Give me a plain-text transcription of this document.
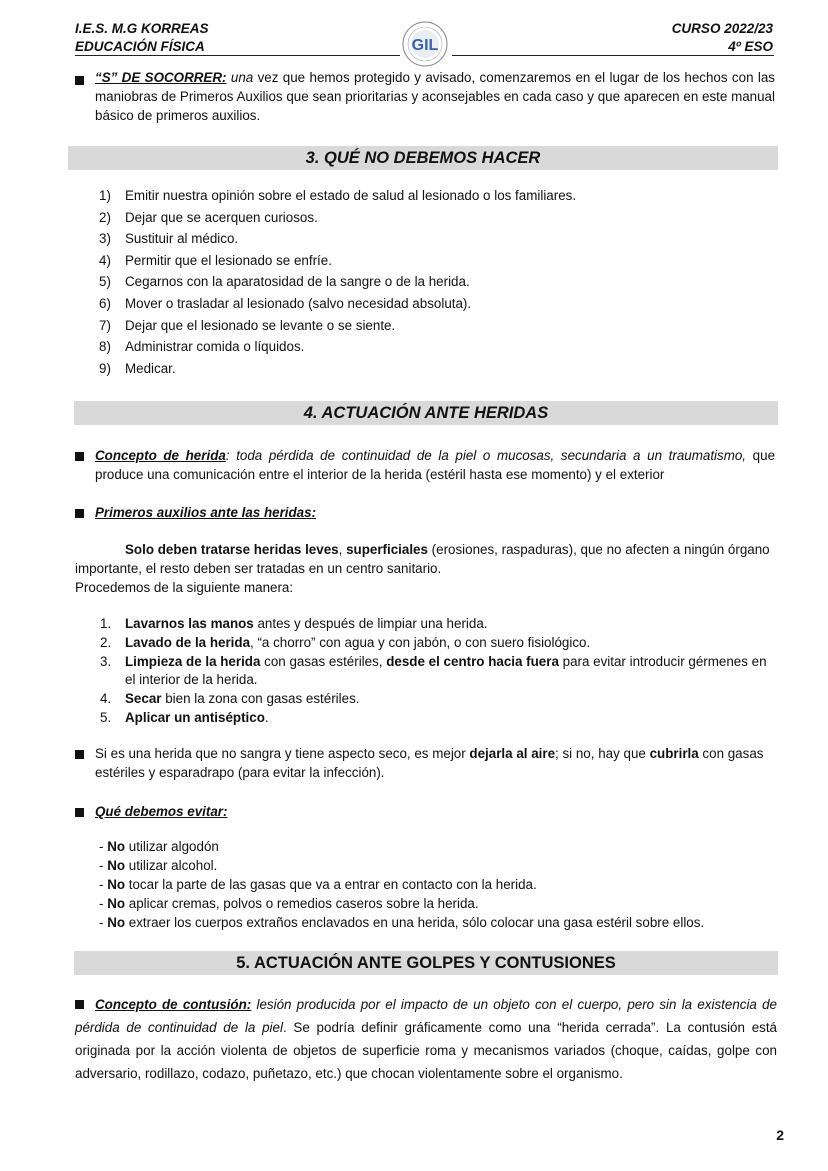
I.E.S. M.G KORREAS
EDUCACIÓN FÍSICA	GIL
CURSO 2022/23
4º ESO
“S” DE SOCORRER: una vez que hemos protegido y avisado, comenzaremos en el lugar de los hechos con las maniobras de Primeros Auxilios que sean prioritarias y aconsejables en cada caso y que aparecen en este manual básico de primeros auxilios.
3. QUÉ NO DEBEMOS HACER
1) Emitir nuestra opinión sobre el estado de salud al lesionado o los familiares.
2) Dejar que se acerquen curiosos.
3) Sustituir al médico.
4) Permitir que el lesionado se enfríe.
5) Cegarnos con la aparatosidad de la sangre o de la herida.
6) Mover o trasladar al lesionado (salvo necesidad absoluta).
7) Dejar que el lesionado se levante o se siente.
8) Administrar comida o líquidos.
9) Medicar.
4. ACTUACIÓN ANTE HERIDAS
Concepto de herida: toda pérdida de continuidad de la piel o mucosas, secundaria a un traumatismo, que produce una comunicación entre el interior de la herida (estéril hasta ese momento) y el exterior
Primeros auxilios ante las heridas:
Solo deben tratarse heridas leves, superficiales (erosiones, raspaduras), que no afecten a ningún órgano importante, el resto deben ser tratadas en un centro sanitario.
Procedemos de la siguiente manera:
1. Lavarnos las manos antes y después de limpiar una herida.
2. Lavado de la herida, “a chorro” con agua y con jabón, o con suero fisiológico.
3. Limpieza de la herida con gasas estériles, desde el centro hacia fuera para evitar introducir gérmenes en el interior de la herida.
4. Secar bien la zona con gasas estériles.
5. Aplicar un antiséptico.
Si es una herida que no sangra y tiene aspecto seco, es mejor dejarla al aire; si no, hay que cubrirla con gasas estériles y esparadrapo (para evitar la infección).
Qué debemos evitar:
- No utilizar algodón
- No utilizar alcohol.
- No tocar la parte de las gasas que va a entrar en contacto con la herida.
- No aplicar cremas, polvos o remedios caseros sobre la herida.
- No extraer los cuerpos extraños enclavados en una herida, sólo colocar una gasa estéril sobre ellos.
5. ACTUACIÓN ANTE GOLPES Y CONTUSIONES
Concepto de contusión: lesión producida por el impacto de un objeto con el cuerpo, pero sin la existencia de pérdida de continuidad de la piel. Se podría definir gráficamente como una “herida cerrada”. La contusión está originada por la acción violenta de objetos de superficie roma y mecanismos variados (choque, caídas, golpe con adversario, rodillazo, codazo, puñetazo, etc.) que chocan violentamente sobre el organismo.
2
